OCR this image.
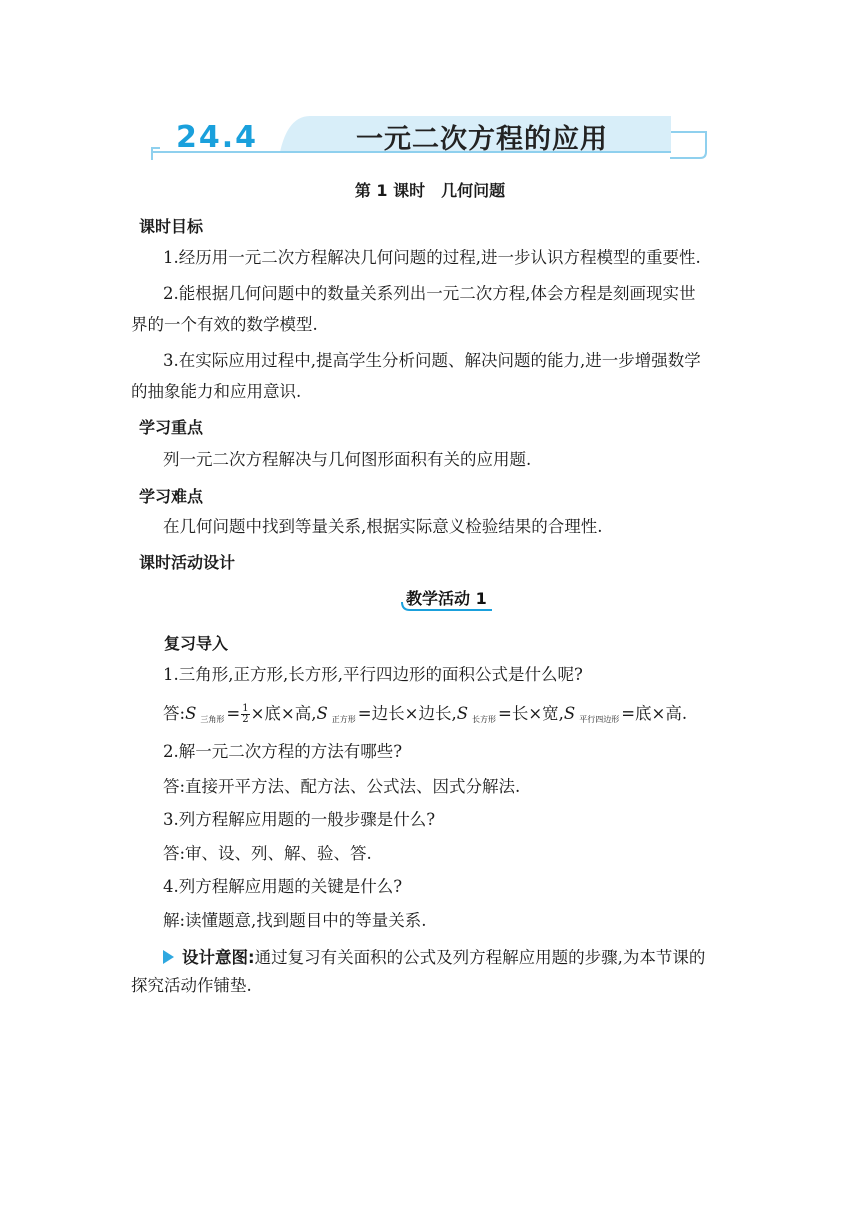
24.4	一元二次方程的应用
第 1 课时　几何问题
课时目标
1.经历用一元二次方程解决几何问题的过程,进一步认识方程模型的重要性.
2.能根据几何问题中的数量关系列出一元二次方程,体会方程是刻画现实世
界的一个有效的数学模型.
3.在实际应用过程中,提高学生分析问题、解决问题的能力,进一步增强数学
的抽象能力和应用意识.
学习重点
列一元二次方程解决与几何图形面积有关的应用题.
学习难点
在几何问题中找到等量关系,根据实际意义检验结果的合理性.
课时活动设计
教学活动 1
复习导入
1.三角形,正方形,长方形,平行四边形的面积公式是什么呢?
答:S $_{三角形} = \frac{1}{2}$ ×底×高,S $_{正方形}$ =边长×边长,S $_{长方形}$ =长×宽,S $_{平行四边形}$ =底×高.
2.解一元二次方程的方法有哪些?
答:直接开平方法、配方法、公式法、因式分解法.
3.列方程解应用题的一般步骤是什么?
答:审、设、列、解、验、答.
4.列方程解应用题的关键是什么?
解:读懂题意,找到题目中的等量关系.
设计意图:通过复习有关面积的公式及列方程解应用题的步骤,为本节课的
探究活动作铺垫.
